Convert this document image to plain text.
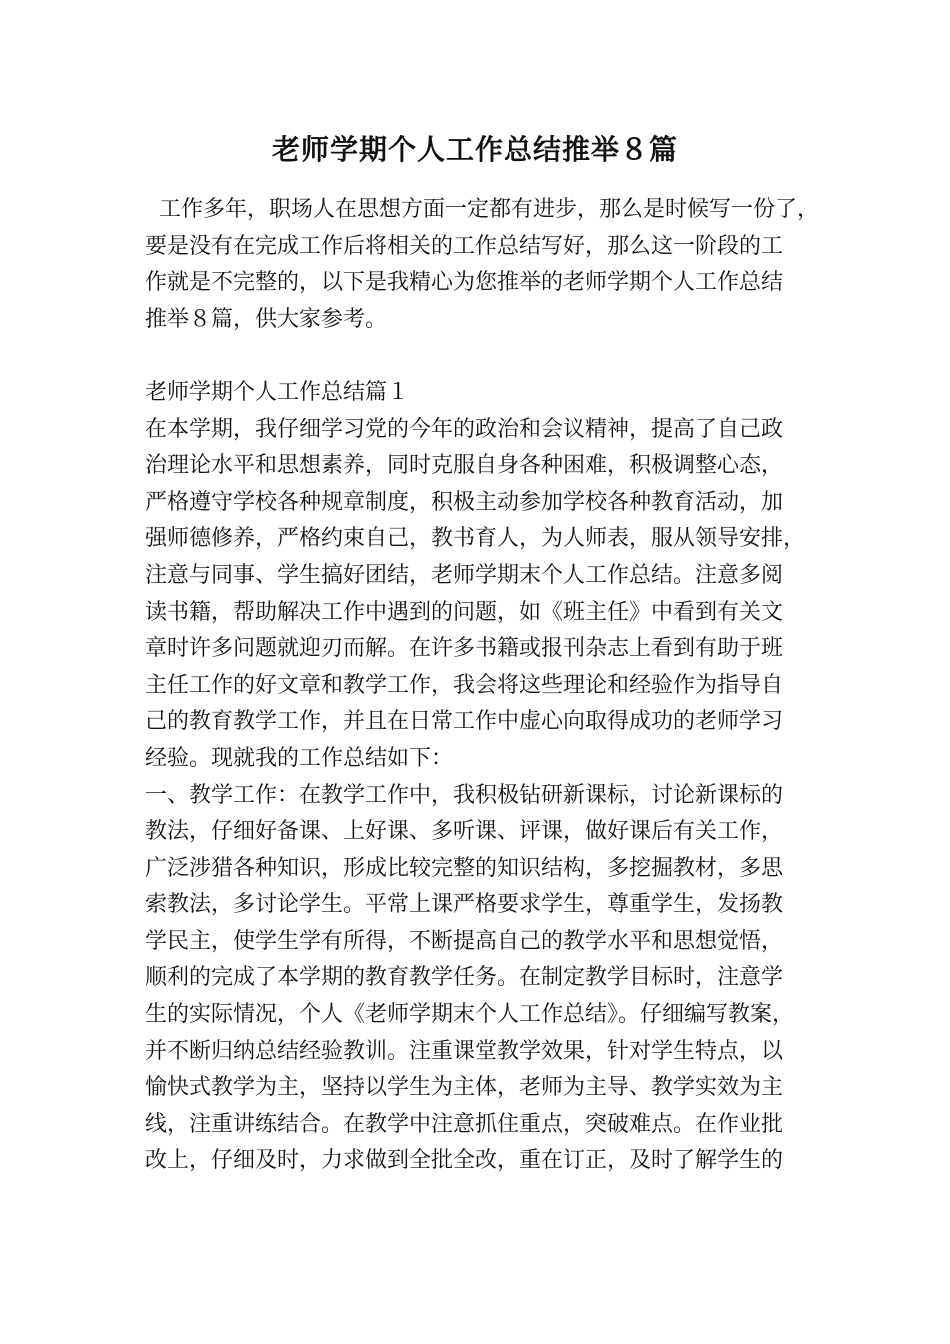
老师学期个人工作总结推举８篇

工作多年，职场人在思想方面一定都有进步，那么是时候写一份了，
要是没有在完成工作后将相关的工作总结写好，那么这一阶段的工
作就是不完整的，以下是我精心为您推举的老师学期个人工作总结
推举８篇，供大家参考。

老师学期个人工作总结篇１

在本学期，我仔细学习党的今年的政治和会议精神，提高了自己政
治理论水平和思想素养，同时克服自身各种困难，积极调整心态，
严格遵守学校各种规章制度，积极主动参加学校各种教育活动，加
强师德修养，严格约束自己，教书育人，为人师表，服从领导安排，
注意与同事、学生搞好团结，老师学期末个人工作总结。注意多阅
读书籍，帮助解决工作中遇到的问题，如《班主任》中看到有关文
章时许多问题就迎刃而解。在许多书籍或报刊杂志上看到有助于班
主任工作的好文章和教学工作，我会将这些理论和经验作为指导自
己的教育教学工作，并且在日常工作中虚心向取得成功的老师学习
经验。现就我的工作总结如下：

一、教学工作：在教学工作中，我积极钻研新课标，讨论新课标的
教法，仔细好备课、上好课、多听课、评课，做好课后有关工作，
广泛涉猎各种知识，形成比较完整的知识结构，多挖掘教材，多思
索教法，多讨论学生。平常上课严格要求学生，尊重学生，发扬教
学民主，使学生学有所得，不断提高自己的教学水平和思想觉悟，
顺利的完成了本学期的教育教学任务。在制定教学目标时，注意学
生的实际情况，个人《老师学期末个人工作总结》。仔细编写教案，
并不断归纳总结经验教训。注重课堂教学效果，针对学生特点，以
愉快式教学为主，坚持以学生为主体，老师为主导、教学实效为主
线，注重讲练结合。在教学中注意抓住重点，突破难点。在作业批
改上，仔细及时，力求做到全批全改，重在订正，及时了解学生的
